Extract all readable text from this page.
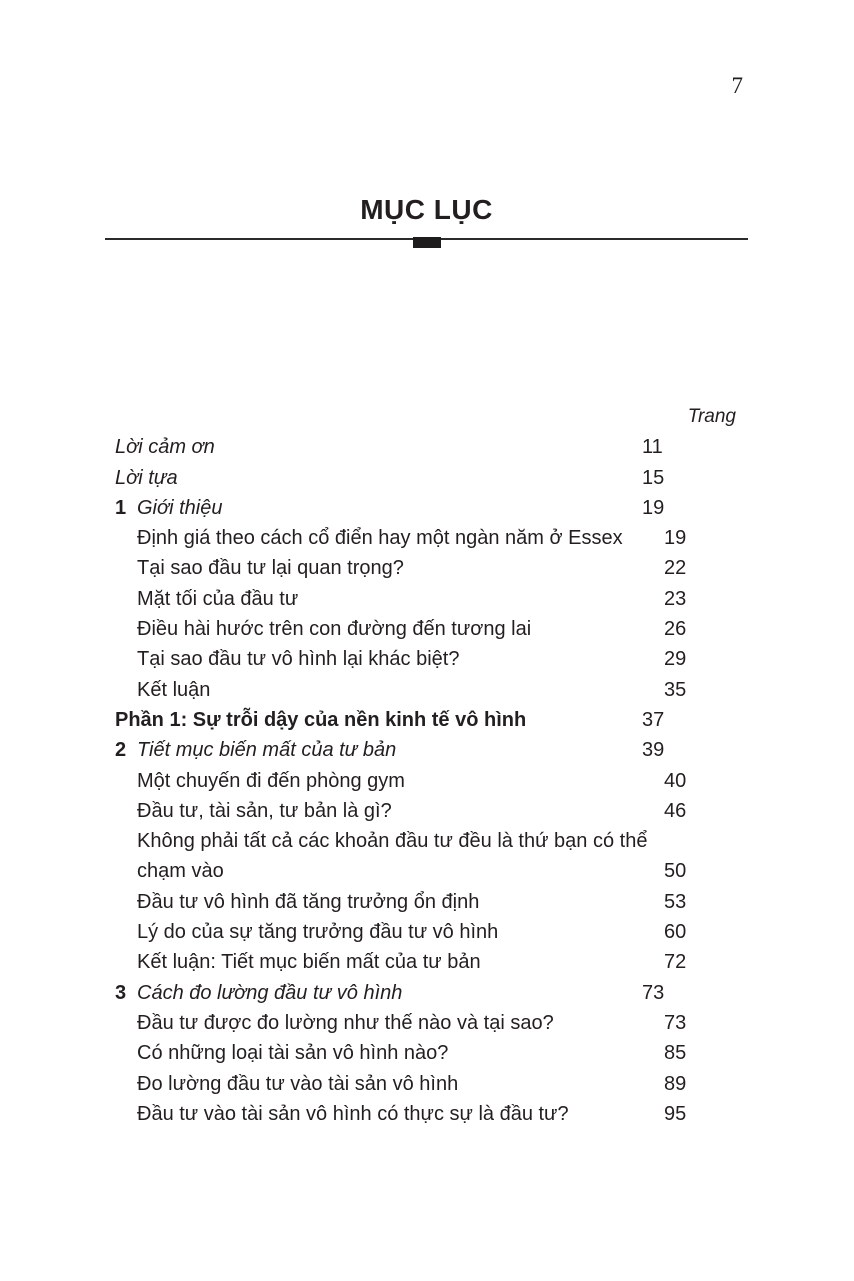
7
MỤC LỤC
Trang
Lời cảm ơn	11
Lời tựa	15
1 Giới thiệu	19
Định giá theo cách cổ điển hay một ngàn năm ở Essex	19
Tại sao đầu tư lại quan trọng?	22
Mặt tối của đầu tư	23
Điều hài hước trên con đường đến tương lai	26
Tại sao đầu tư vô hình lại khác biệt?	29
Kết luận	35
Phần 1: Sự trỗi dậy của nền kinh tế vô hình	37
2 Tiết mục biến mất của tư bản	39
Một chuyến đi đến phòng gym	40
Đầu tư, tài sản, tư bản là gì?	46
Không phải tất cả các khoản đầu tư đều là thứ bạn có thể chạm vào	50
Đầu tư vô hình đã tăng trưởng ổn định	53
Lý do của sự tăng trưởng đầu tư vô hình	60
Kết luận: Tiết mục biến mất của tư bản	72
3 Cách đo lường đầu tư vô hình	73
Đầu tư được đo lường như thế nào và tại sao?	73
Có những loại tài sản vô hình nào?	85
Đo lường đầu tư vào tài sản vô hình	89
Đầu tư vào tài sản vô hình có thực sự là đầu tư?	95
